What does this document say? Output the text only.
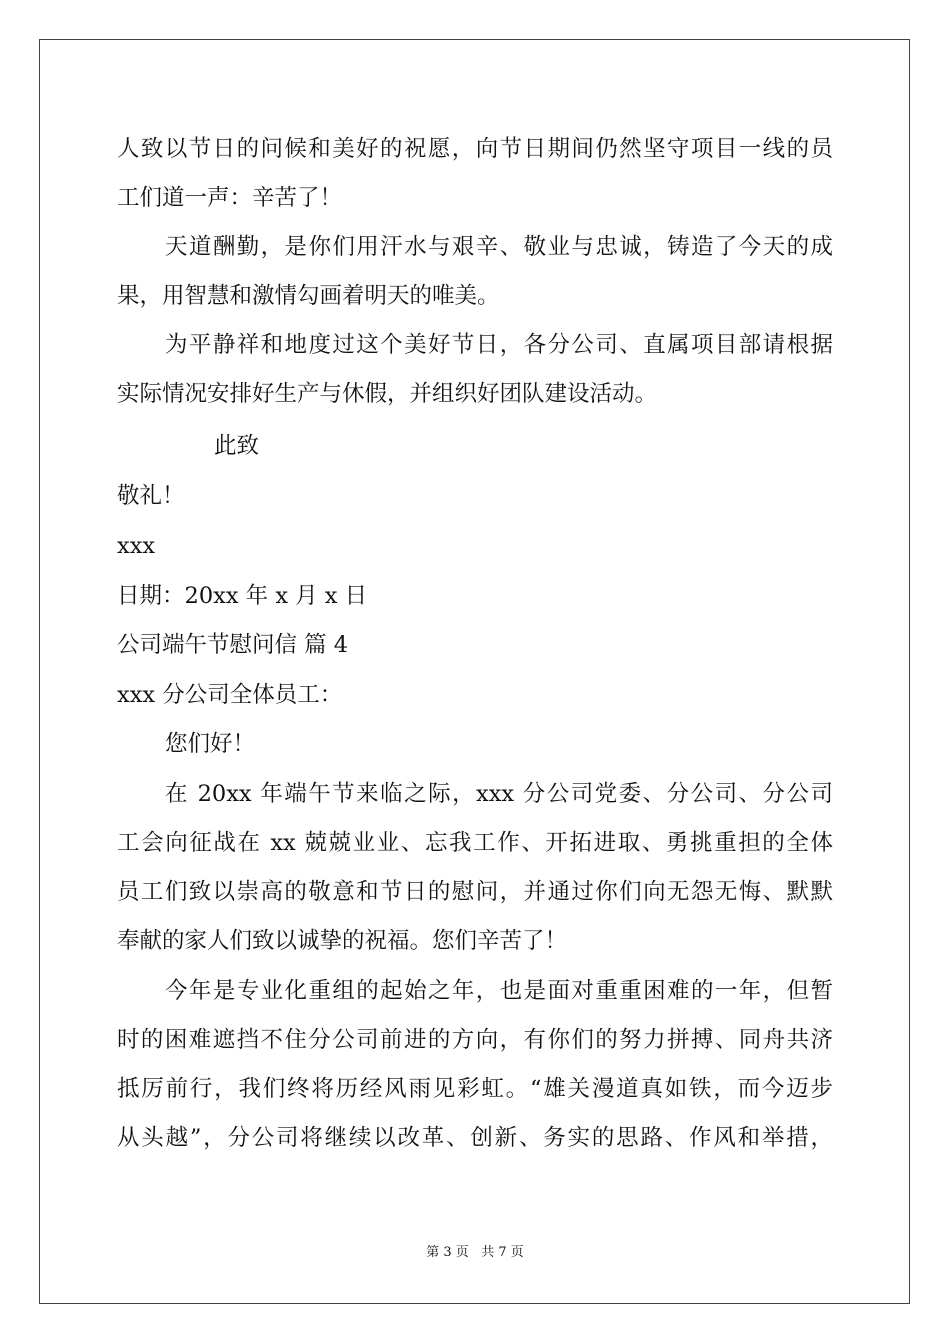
人致以节日的问候和美好的祝愿，向节日期间仍然坚守项目一线的员
工们道一声：辛苦了！
天道酬勤，是你们用汗水与艰辛、敬业与忠诚，铸造了今天的成
果，用智慧和激情勾画着明天的唯美。
为平静祥和地度过这个美好节日，各分公司、直属项目部请根据
实际情况安排好生产与休假，并组织好团队建设活动。
此致
敬礼！
xxx
日期：20xx 年 x 月 x 日
公司端午节慰问信 篇 4
xxx 分公司全体员工：
您们好！
在 20xx 年端午节来临之际，xxx 分公司党委、分公司、分公司
工会向征战在 xx 兢兢业业、忘我工作、开拓进取、勇挑重担的全体
员工们致以崇高的敬意和节日的慰问，并通过你们向无怨无悔、默默
奉献的家人们致以诚挚的祝福。您们辛苦了！
今年是专业化重组的起始之年，也是面对重重困难的一年，但暂
时的困难遮挡不住分公司前进的方向，有你们的努力拼搏、同舟共济
抵厉前行，我们终将历经风雨见彩虹。“雄关漫道真如铁，而今迈步
从头越”，分公司将继续以改革、创新、务实的思路、作风和举措，
第 3 页   共 7 页
